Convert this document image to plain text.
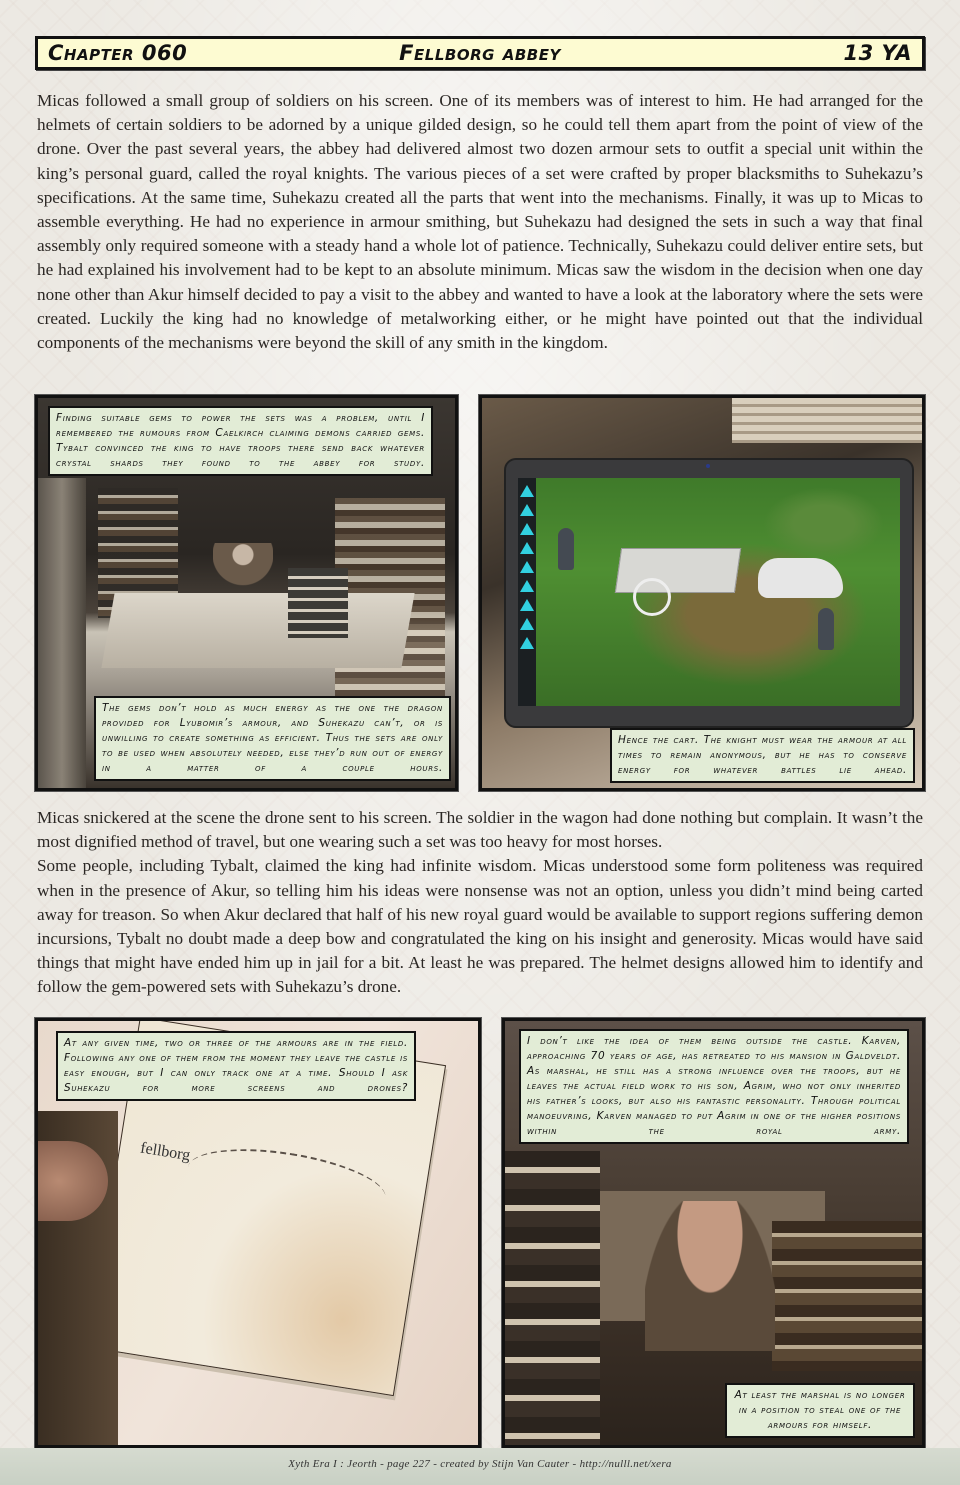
Chapter 060	Fellborg abbey	13 YA

Micas followed a small group of soldiers on his screen. One of its members was of interest to him. He had arranged for the helmets of certain soldiers to be adorned by a unique gilded design, so he could tell them apart from the point of view of the drone. Over the past several years, the abbey had delivered almost two dozen armour sets to outfit a special unit within the king’s personal guard, called the royal knights. The various pieces of a set were crafted by proper blacksmiths to Suhekazu’s specifications. At the same time, Suhekazu created all the parts that went into the mechanisms. Finally, it was up to Micas to assemble everything. He had no experience in armour smithing, but Suhekazu had designed the sets in such a way that final assembly only required someone with a steady hand a whole lot of patience. Technically, Suhekazu could deliver entire sets, but he had explained his involvement had to be kept to an absolute minimum. Micas saw the wisdom in the decision when one day none other than Akur himself decided to pay a visit to the abbey and wanted to have a look at the laboratory where the sets were created. Luckily the king had no knowledge of metalworking either, or he might have pointed out that the individual components of the mechanisms were beyond the skill of any smith in the kingdom.

Finding suitable gems to power the sets was a problem, until I remembered the rumours from Caelkirch claiming demons carried gems. Tybalt convinced the king to have troops there send back whatever crystal shards they found to the abbey for study.
The gems don’t hold as much energy as the one the dragon provided for Lyubomir’s armour, and Suhekazu can’t, or is unwilling to create something as efficient. Thus the sets are only to be used when absolutely needed, else they’d run out of energy in a matter of a couple hours.
Hence the cart. The knight must wear the armour at all times to remain anonymous, but he has to conserve energy for whatever battles lie ahead.

Micas snickered at the scene the drone sent to his screen. The soldier in the wagon had done nothing but complain. It wasn’t the most dignified method of travel, but one wearing such a set was too heavy for most horses.

Some people, including Tybalt, claimed the king had infinite wisdom. Micas understood some form politeness was required when in the presence of Akur, so telling him his ideas were nonsense was not an option, unless you didn’t mind being carted away for treason. So when Akur declared that half of his new royal guard would be available to support regions suffering demon incursions, Tybalt no doubt made a deep bow and congratulated the king on his insight and generosity. Micas would have said things that might have ended him up in jail for a bit. At least he was prepared. The helmet designs allowed him to identify and follow the gem-powered sets with Suhekazu’s drone.

fellborg
At any given time, two or three of the armours are in the field. Following any one of them from the moment they leave the castle is easy enough, but I can only track one at a time. Should I ask Suhekazu for more screens and drones?
I don’t like the idea of them being outside the castle. Karven, approaching 70 years of age, has retreated to his mansion in Galdveldt. As marshal, he still has a strong influence over the troops, but he leaves the actual field work to his son, Agrim, who not only inherited his father’s looks, but also his fantastic personality. Through political manoeuvring, Karven managed to put Agrim in one of the higher positions within the royal army.
At least the marshal is no longer in a position to steal one of the armours for himself.
Xyth Era I : Jeorth - page 227 - created by Stijn Van Cauter - http://nulll.net/xera
